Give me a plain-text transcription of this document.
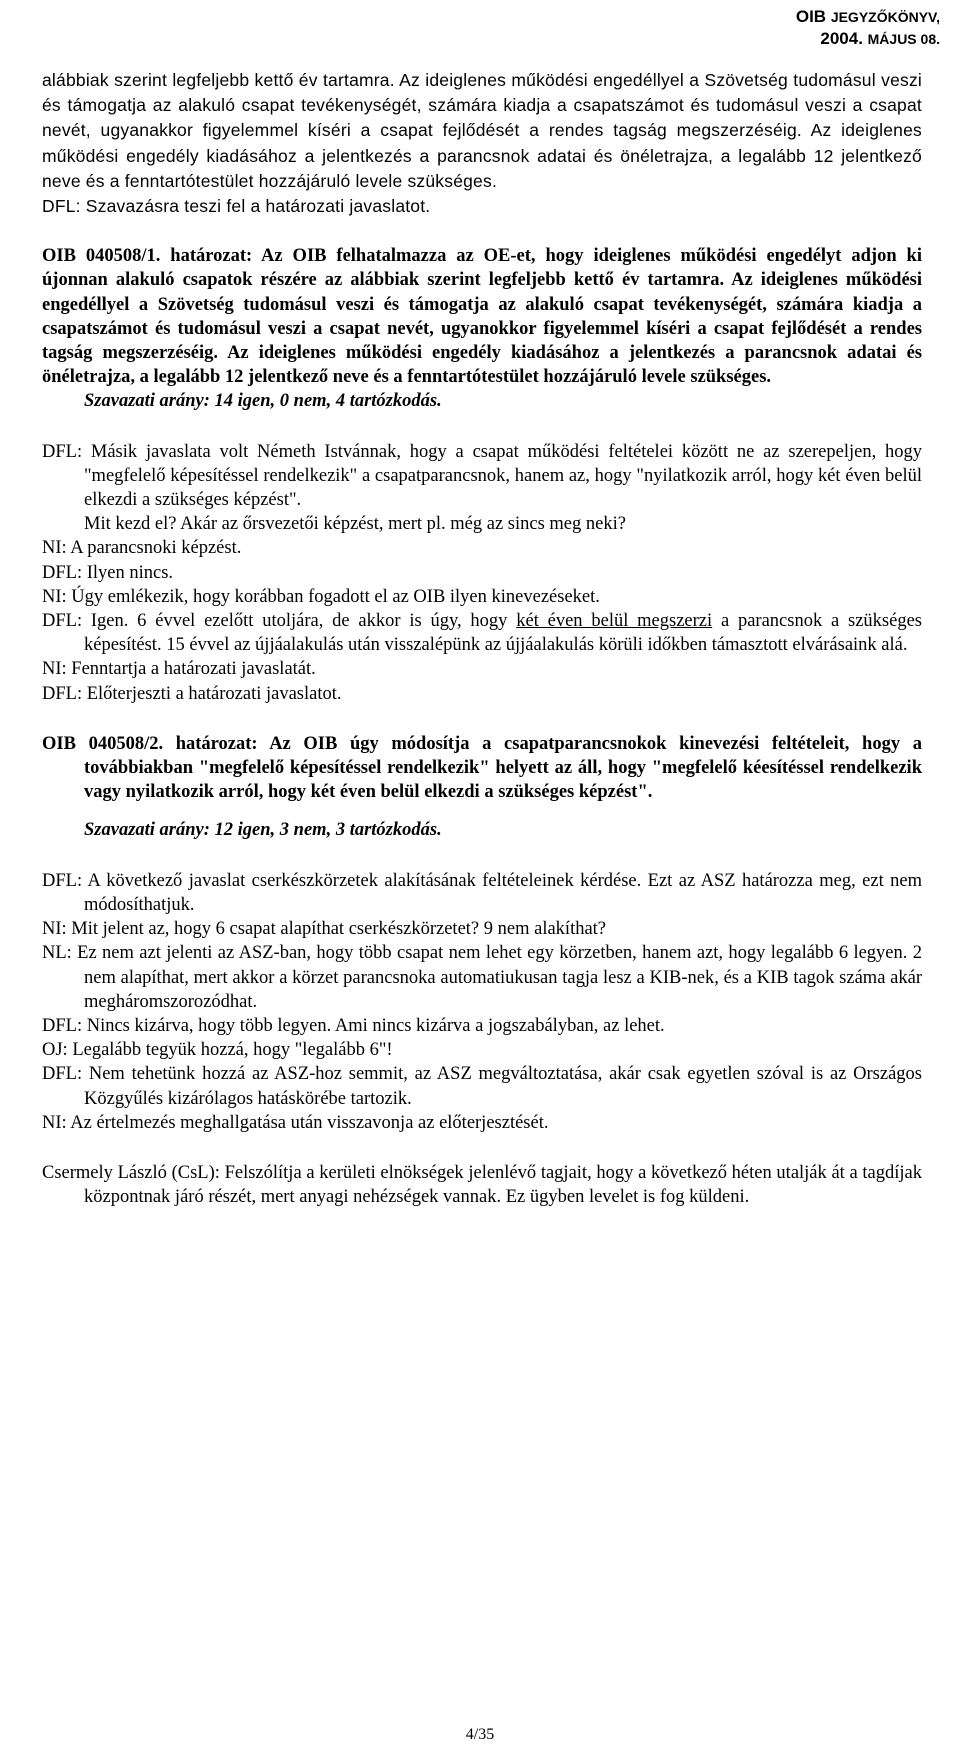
OIB JEGYZŐKÖNYV,
2004. MÁJUS 08.

alábbiak szerint legfeljebb kettő év tartamra. Az ideiglenes működési engedéllyel a Szövetség tudomásul veszi és támogatja az alakuló csapat tevékenységét, számára kiadja a csapatszámot és tudomásul veszi a csapat nevét, ugyanakkor figyelemmel kíséri a csapat fejlődését a rendes tagság megszerzéséig. Az ideiglenes működési engedély kiadásához a jelentkezés a parancsnok adatai és önéletrajza, a legalább 12 jelentkező neve és a fenntartótestület hozzájáruló levele szükséges.

DFL: Szavazásra teszi fel a határozati javaslatot.

OIB 040508/1. határozat: Az OIB felhatalmazza az OE-et, hogy ideiglenes működési engedélyt adjon ki újonnan alakuló csapatok részére az alábbiak szerint legfeljebb kettő év tartamra. Az ideiglenes működési engedéllyel a Szövetség tudomásul veszi és támogatja az alakuló csapat tevékenységét, számára kiadja a csapatszámot és tudomásul veszi a csapat nevét, ugyanokkor figyelemmel kíséri a csapat fejlődését a rendes tagság megszerzéséig. Az ideiglenes működési engedély kiadásához a jelentkezés a parancsnok adatai és önéletrajza, a legalább 12 jelentkező neve és a fenntartótestület hozzájáruló levele szükséges.

Szavazati arány: 14 igen, 0 nem, 4 tartózkodás.

DFL: Másik javaslata volt Németh Istvánnak, hogy a csapat működési feltételei között ne az szerepeljen, hogy "megfelelő képesítéssel rendelkezik" a csapatparancsnok, hanem az, hogy "nyilatkozik arról, hogy két éven belül elkezdi a szükséges képzést".

Mit kezd el? Akár az őrsvezetői képzést, mert pl. még az sincs meg neki?

NI: A parancsnoki képzést.

DFL: Ilyen nincs.

NI: Úgy emlékezik, hogy korábban fogadott el az OIB ilyen kinevezéseket.

DFL: Igen. 6 évvel ezelőtt utoljára, de akkor is úgy, hogy két éven belül megszerzi a parancsnok a szükséges képesítést. 15 évvel az újjáalakulás után visszalépünk az újjáalakulás körüli időkben támasztott elvárásaink alá.

NI: Fenntartja a határozati javaslatát.

DFL: Előterjeszti a határozati javaslatot.

OIB 040508/2. határozat: Az OIB úgy módosítja a csapatparancsnokok kinevezési feltételeit, hogy a továbbiakban "megfelelő képesítéssel rendelkezik" helyett az áll, hogy "megfelelő kéesítéssel rendelkezik vagy nyilatkozik arról, hogy két éven belül elkezdi a szükséges képzést".

Szavazati arány: 12 igen, 3 nem, 3 tartózkodás.

DFL: A következő javaslat cserkészkörzetek alakításának feltételeinek kérdése. Ezt az ASZ határozza meg, ezt nem módosíthatjuk.

NI: Mit jelent az, hogy 6 csapat alapíthat cserkészkörzetet? 9 nem alakíthat?

NL: Ez nem azt jelenti az ASZ-ban, hogy több csapat nem lehet egy körzetben, hanem azt, hogy legalább 6 legyen. 2 nem alapíthat, mert akkor a körzet parancsnoka automatiukusan tagja lesz a KIB-nek, és a KIB tagok száma akár megháromszorozódhat.

DFL: Nincs kizárva, hogy több legyen. Ami nincs kizárva a jogszabályban, az lehet.

OJ: Legalább tegyük hozzá, hogy "legalább 6"!

DFL: Nem tehetünk hozzá az ASZ-hoz semmit, az ASZ megváltoztatása, akár csak egyetlen szóval is az Országos Közgyűlés kizárólagos hatáskörébe tartozik.

NI: Az értelmezés meghallgatása után visszavonja az előterjesztését.

Csermely László (CsL): Felszólítja a kerületi elnökségek jelenlévő tagjait, hogy a következő héten utalják át a tagdíjak központnak járó részét, mert anyagi nehézségek vannak. Ez ügyben levelet is fog küldeni.

4/35
